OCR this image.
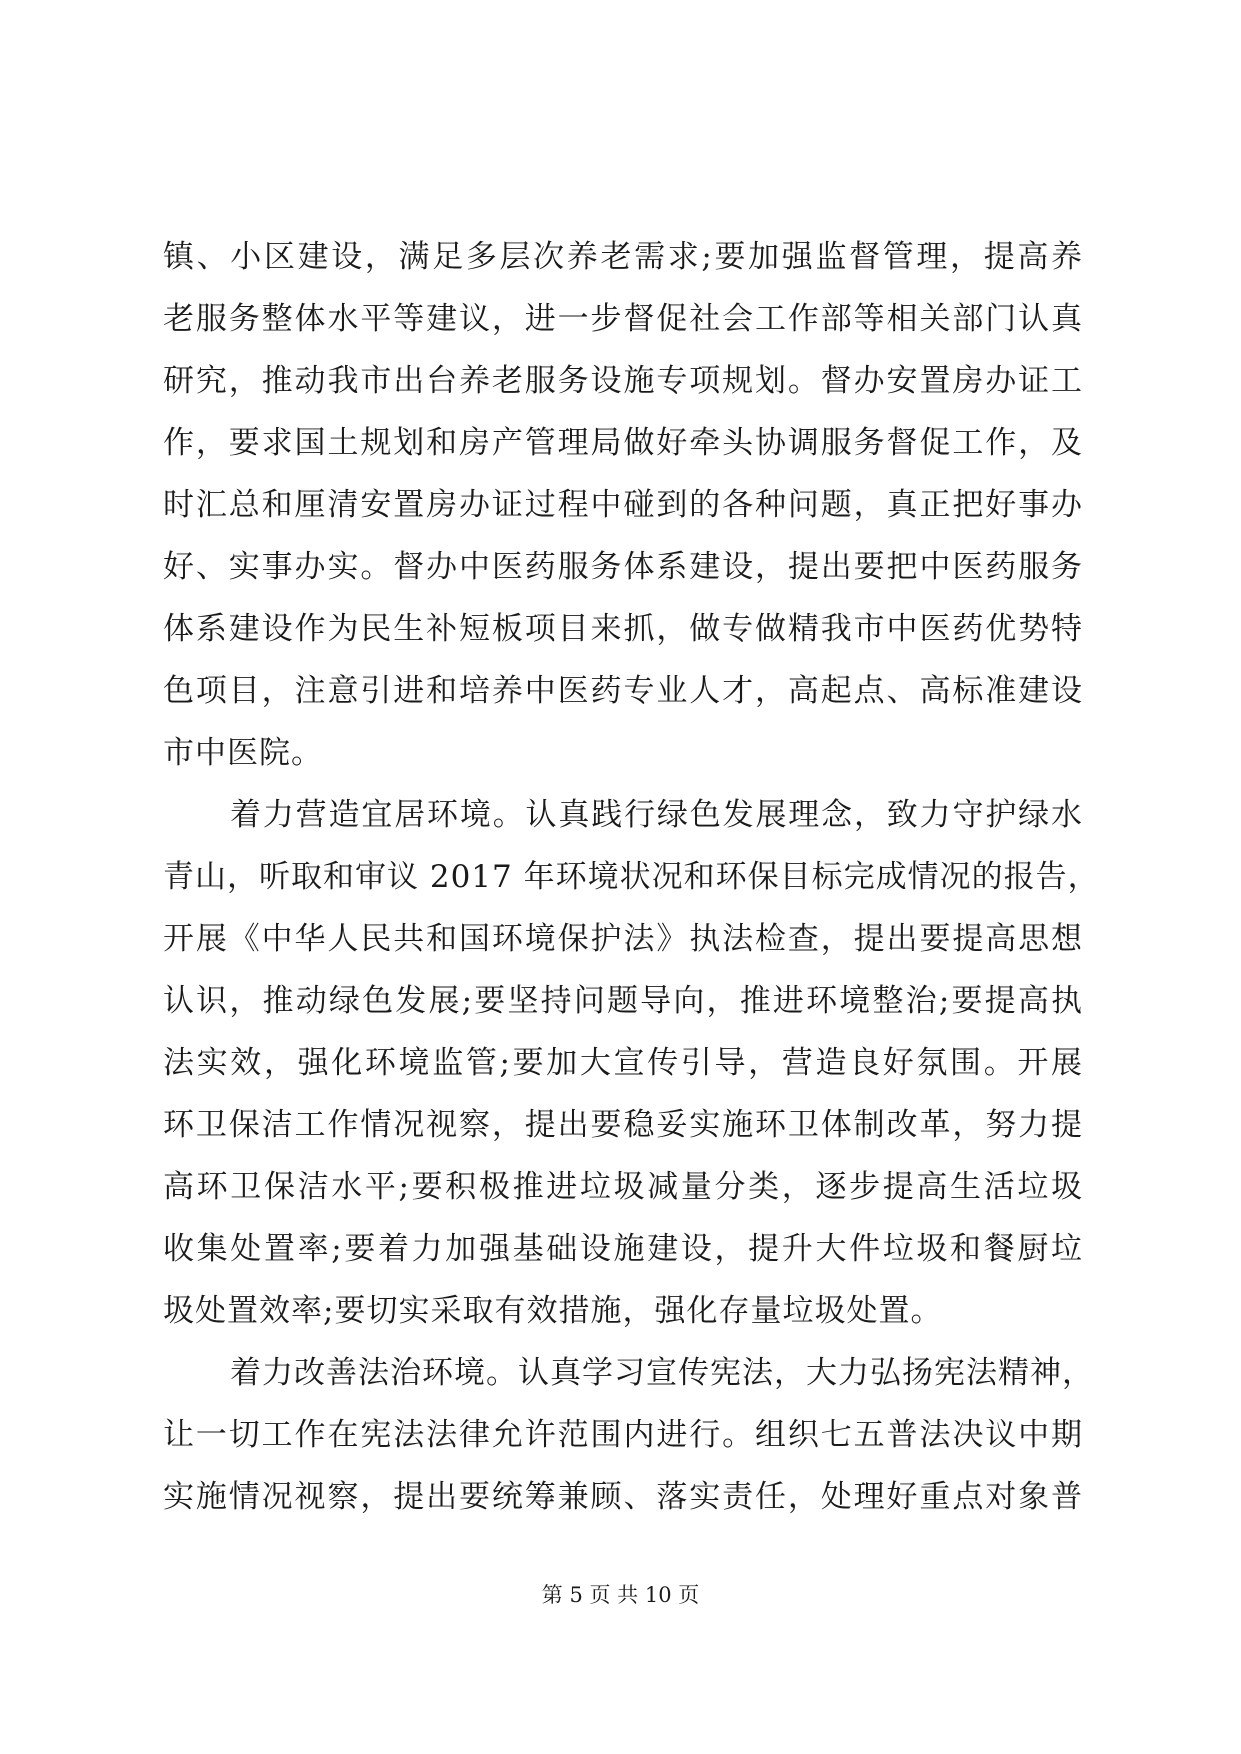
镇、小区建设，满足多层次养老需求;要加强监督管理，提高养
老服务整体水平等建议，进一步督促社会工作部等相关部门认真
研究，推动我市出台养老服务设施专项规划。督办安置房办证工
作，要求国土规划和房产管理局做好牵头协调服务督促工作，及
时汇总和厘清安置房办证过程中碰到的各种问题，真正把好事办
好、实事办实。督办中医药服务体系建设，提出要把中医药服务
体系建设作为民生补短板项目来抓，做专做精我市中医药优势特
色项目，注意引进和培养中医药专业人才，高起点、高标准建设
市中医院。
着力营造宜居环境。认真践行绿色发展理念，致力守护绿水
青山，听取和审议 2017 年环境状况和环保目标完成情况的报告，
开展《中华人民共和国环境保护法》执法检查，提出要提高思想
认识，推动绿色发展;要坚持问题导向，推进环境整治;要提高执
法实效，强化环境监管;要加大宣传引导，营造良好氛围。开展
环卫保洁工作情况视察，提出要稳妥实施环卫体制改革，努力提
高环卫保洁水平;要积极推进垃圾减量分类，逐步提高生活垃圾
收集处置率;要着力加强基础设施建设，提升大件垃圾和餐厨垃
圾处置效率;要切实采取有效措施，强化存量垃圾处置。
着力改善法治环境。认真学习宣传宪法，大力弘扬宪法精神，
让一切工作在宪法法律允许范围内进行。组织七五普法决议中期
实施情况视察，提出要统筹兼顾、落实责任，处理好重点对象普
第 5 页 共 10 页
